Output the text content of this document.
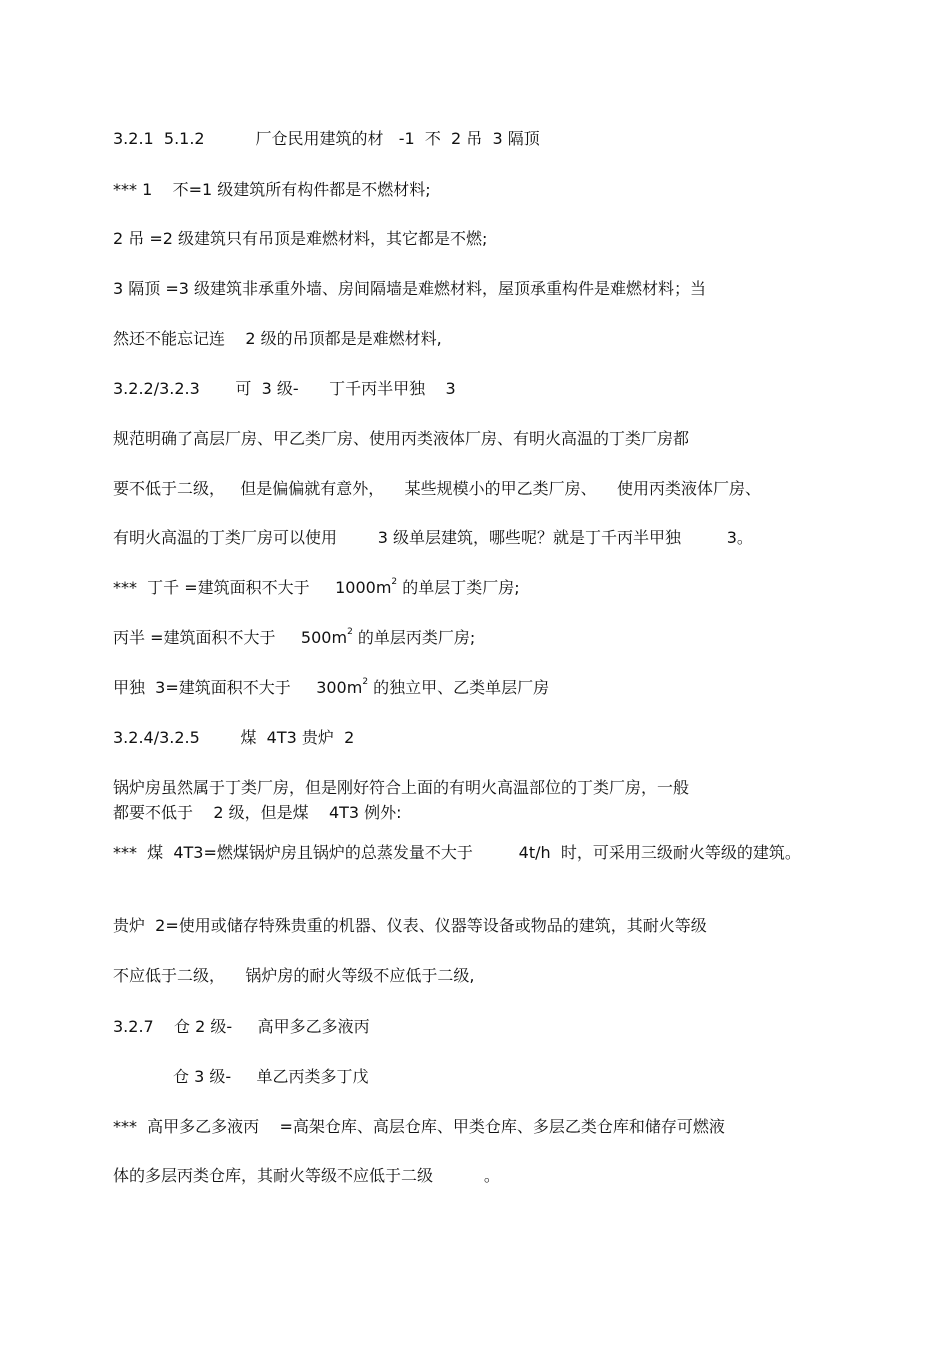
3.2.1  5.1.2          厂仓民用建筑的材   -1  不  2 吊  3 隔顶
*** 1    不=1 级建筑所有构件都是不燃材料;
2 吊 =2 级建筑只有吊顶是难燃材料，其它都是不燃;
3 隔顶 =3 级建筑非承重外墙、房间隔墙是难燃材料，屋顶承重构件是难燃材料；当
然还不能忘记连    2 级的吊顶都是是难燃材料,
3.2.2/3.2.3       可  3 级-      丁千丙半甲独    3
规范明确了高层厂房、甲乙类厂房、使用丙类液体厂房、有明火高温的丁类厂房都
要不低于二级，   但是偏偏就有意外，    某些规模小的甲乙类厂房、    使用丙类液体厂房、
有明火高温的丁类厂房可以使用        3 级单层建筑，哪些呢？就是丁千丙半甲独         3。
***  丁千 =建筑面积不大于     $1000m^2$ 的单层丁类厂房;
丙半 =建筑面积不大于     $500m^2$ 的单层丙类厂房;
甲独  3=建筑面积不大于     $300m^2$ 的独立甲、乙类单层厂房
3.2.4/3.2.5        煤  4T3 贵炉  2
锅炉房虽然属于丁类厂房，但是刚好符合上面的有明火高温部位的丁类厂房，一般
都要不低于    2 级，但是煤    4T3 例外:
***  煤  4T3=燃煤锅炉房且锅炉的总蒸发量不大于         4t/h  时，可采用三级耐火等级的建筑。
贵炉  2=使用或储存特殊贵重的机器、仪表、仪器等设备或物品的建筑，其耐火等级
不应低于二级，    锅炉房的耐火等级不应低于二级,
3.2.7    仓 2 级-     高甲多乙多液丙
仓 3 级-     单乙丙类多丁戊
***  高甲多乙多液丙    =高架仓库、高层仓库、甲类仓库、多层乙类仓库和储存可燃液
体的多层丙类仓库，其耐火等级不应低于二级          。
